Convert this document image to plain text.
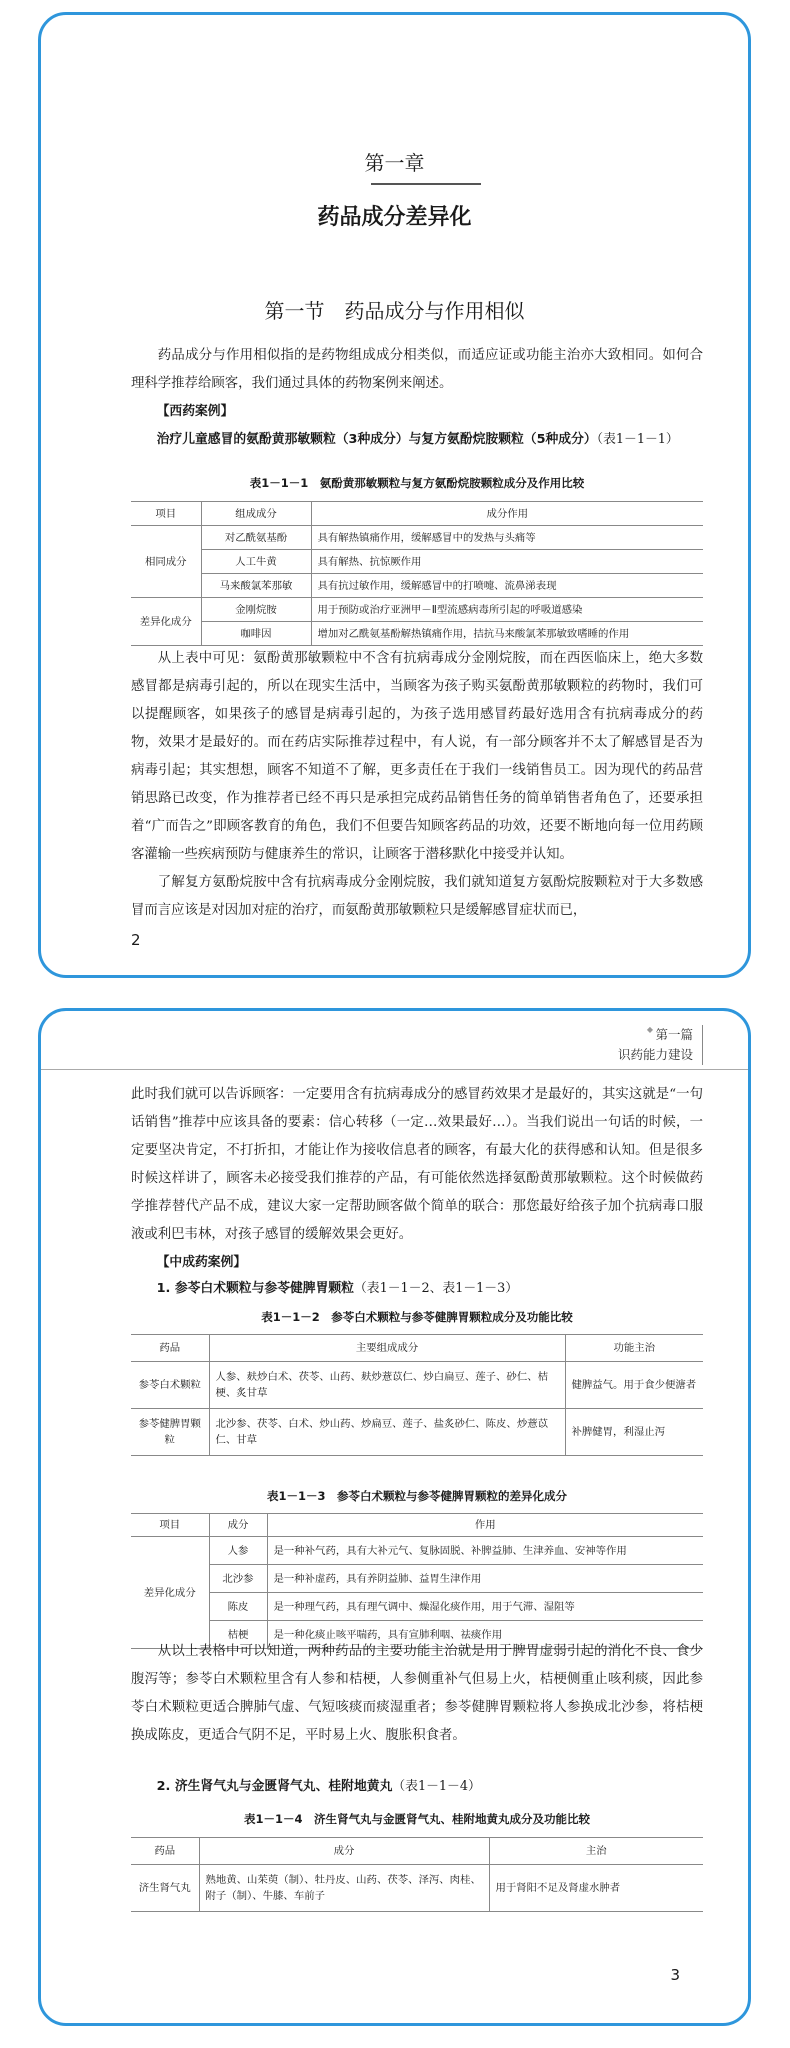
第一章

药品成分差异化

第一节　药品成分与作用相似

药品成分与作用相似指的是药物组成成分相类似，而适应证或功能主治亦大致相同。如何合理科学推荐给顾客，我们通过具体的药物案例来阐述。

【西药案例】

治疗儿童感冒的氨酚黄那敏颗粒（3种成分）与复方氨酚烷胺颗粒（5种成分）（表1－1－1）

表1－1－1　氨酚黄那敏颗粒与复方氨酚烷胺颗粒成分及作用比较

项目	组成成分	成分作用
相同成分	对乙酰氨基酚	具有解热镇痛作用，缓解感冒中的发热与头痛等
	人工牛黄	具有解热、抗惊厥作用
	马来酸氯苯那敏	具有抗过敏作用，缓解感冒中的打喷嚏、流鼻涕表现
差异化成分	金刚烷胺	用于预防或治疗亚洲甲－Ⅱ型流感病毒所引起的呼吸道感染
	咖啡因	增加对乙酰氨基酚解热镇痛作用，拮抗马来酸氯苯那敏致嗜睡的作用

从上表中可见：氨酚黄那敏颗粒中不含有抗病毒成分金刚烷胺，而在西医临床上，绝大多数感冒都是病毒引起的，所以在现实生活中，当顾客为孩子购买氨酚黄那敏颗粒的药物时，我们可以提醒顾客，如果孩子的感冒是病毒引起的，为孩子选用感冒药最好选用含有抗病毒成分的药物，效果才是最好的。而在药店实际推荐过程中，有人说，有一部分顾客并不太了解感冒是否为病毒引起；其实想想，顾客不知道不了解，更多责任在于我们一线销售员工。因为现代的药品营销思路已改变，作为推荐者已经不再只是承担完成药品销售任务的简单销售者角色了，还要承担着“广而告之”即顾客教育的角色，我们不但要告知顾客药品的功效，还要不断地向每一位用药顾客灌输一些疾病预防与健康养生的常识，让顾客于潜移默化中接受并认知。

了解复方氨酚烷胺中含有抗病毒成分金刚烷胺，我们就知道复方氨酚烷胺颗粒对于大多数感冒而言应该是对因加对症的治疗，而氨酚黄那敏颗粒只是缓解感冒症状而已，

2
◆ 第一篇
识药能力建设

此时我们就可以告诉顾客：一定要用含有抗病毒成分的感冒药效果才是最好的，其实这就是“一句话销售”推荐中应该具备的要素：信心转移（一定…效果最好…）。当我们说出一句话的时候，一定要坚决肯定，不打折扣，才能让作为接收信息者的顾客，有最大化的获得感和认知。但是很多时候这样讲了，顾客未必接受我们推荐的产品，有可能依然选择氨酚黄那敏颗粒。这个时候做药学推荐替代产品不成，建议大家一定帮助顾客做个简单的联合：那您最好给孩子加个抗病毒口服液或利巴韦林，对孩子感冒的缓解效果会更好。

【中成药案例】

1. 参苓白术颗粒与参苓健脾胃颗粒（表1－1－2、表1－1－3）

表1－1－2　参苓白术颗粒与参苓健脾胃颗粒成分及功能比较

药品	主要组成成分	功能主治
参苓白术颗粒	人参、麸炒白术、茯苓、山药、麸炒薏苡仁、炒白扁豆、莲子、砂仁、桔梗、炙甘草	健脾益气。用于食少便溏者
参苓健脾胃颗粒	北沙参、茯苓、白术、炒山药、炒扁豆、莲子、盐炙砂仁、陈皮、炒薏苡仁、甘草	补脾健胃，利湿止泻

表1－1－3　参苓白术颗粒与参苓健脾胃颗粒的差异化成分

项目	成分	作用
差异化成分	人参	是一种补气药，具有大补元气、复脉固脱、补脾益肺、生津养血、安神等作用
	北沙参	是一种补虚药，具有养阴益肺、益胃生津作用
	陈皮	是一种理气药，具有理气调中、燥湿化痰作用，用于气滞、湿阻等
	桔梗	是一种化痰止咳平喘药，具有宣肺利咽、祛痰作用

从以上表格中可以知道，两种药品的主要功能主治就是用于脾胃虚弱引起的消化不良、食少腹泻等；参苓白术颗粒里含有人参和桔梗，人参侧重补气但易上火，桔梗侧重止咳利痰，因此参苓白术颗粒更适合脾肺气虚、气短咳痰而痰湿重者；参苓健脾胃颗粒将人参换成北沙参，将桔梗换成陈皮，更适合气阴不足，平时易上火、腹胀积食者。

2. 济生肾气丸与金匮肾气丸、桂附地黄丸（表1－1－4）

表1－1－4　济生肾气丸与金匮肾气丸、桂附地黄丸成分及功能比较

药品	成分	主治
济生肾气丸	熟地黄、山茱萸（制）、牡丹皮、山药、茯苓、泽泻、肉桂、附子（制）、牛膝、车前子	用于肾阳不足及肾虚水肿者
3
